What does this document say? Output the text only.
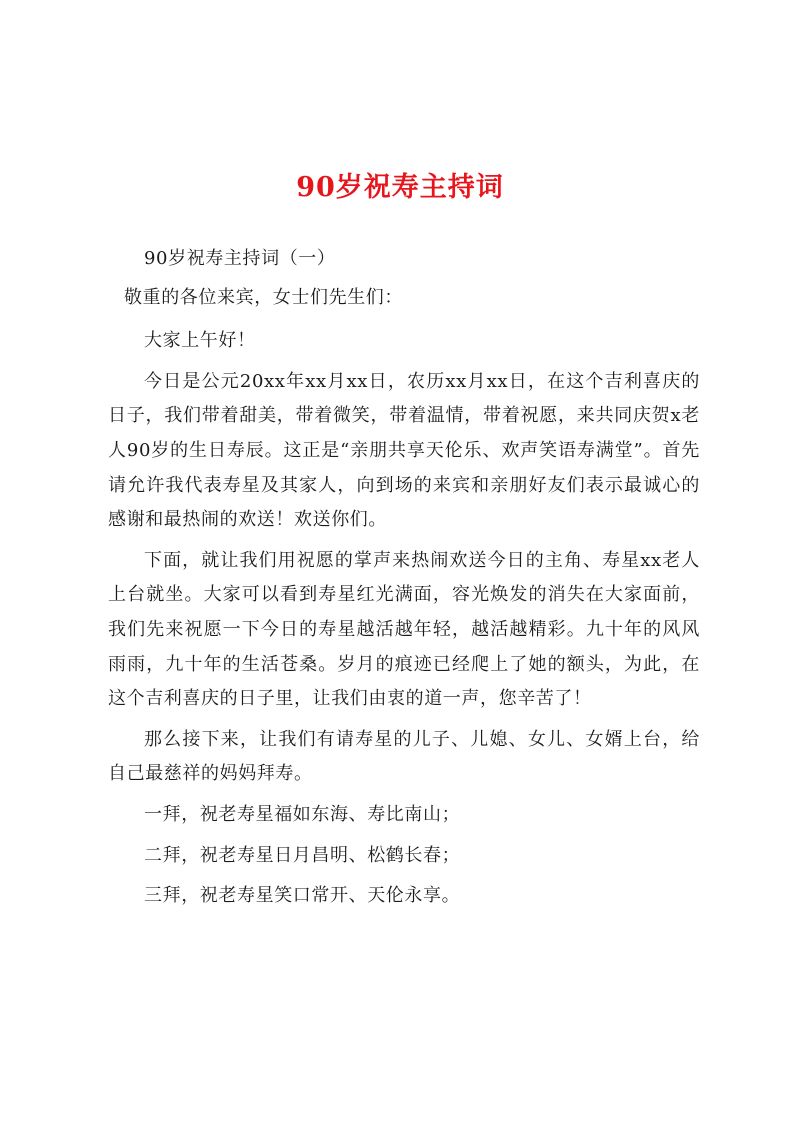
90岁祝寿主持词

90岁祝寿主持词（一）

敬重的各位来宾，女士们先生们：

大家上午好！

今日是公元20xx年xx月xx日，农历xx月xx日，在这个吉利喜庆的日子，我们带着甜美，带着微笑，带着温情，带着祝愿，来共同庆贺x老人90岁的生日寿辰。这正是“亲朋共享天伦乐、欢声笑语寿满堂”。首先请允许我代表寿星及其家人，向到场的来宾和亲朋好友们表示最诚心的感谢和最热闹的欢送！欢送你们。

下面，就让我们用祝愿的掌声来热闹欢送今日的主角、寿星xx老人上台就坐。大家可以看到寿星红光满面，容光焕发的消失在大家面前，我们先来祝愿一下今日的寿星越活越年轻，越活越精彩。九十年的风风雨雨，九十年的生活苍桑。岁月的痕迹已经爬上了她的额头，为此，在这个吉利喜庆的日子里，让我们由衷的道一声，您辛苦了！

那么接下来，让我们有请寿星的儿子、儿媳、女儿、女婿上台，给自己最慈祥的妈妈拜寿。

一拜，祝老寿星福如东海、寿比南山；

二拜，祝老寿星日月昌明、松鹤长春；

三拜，祝老寿星笑口常开、天伦永享。
